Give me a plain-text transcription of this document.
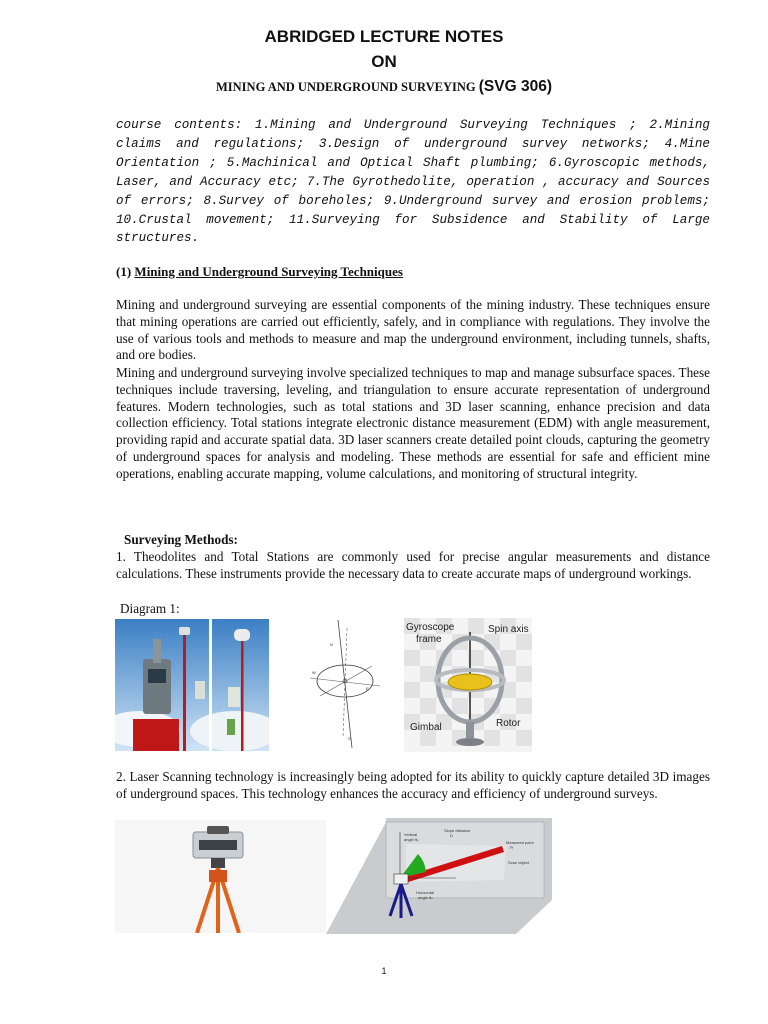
ABRIDGED LECTURE NOTES
ON
MINING AND UNDERGROUND SURVEYING (SVG 306)
course contents: 1.Mining and Underground Surveying Techniques ; 2.Mining claims and regulations; 3.Design of underground survey networks; 4.Mine Orientation ; 5.Machinical and Optical Shaft plumbing; 6.Gyroscopic methods, Laser, and Accuracy etc; 7.The Gyrothedolite, operation , accuracy and Sources of errors; 8.Survey of boreholes; 9.Underground survey and erosion problems; 10.Crustal movement; 11.Surveying for Subsidence and Stability of Large structures.
(1) Mining and Underground Surveying Techniques

Mining and underground surveying are essential components of the mining industry. These techniques ensure that mining operations are carried out efficiently, safely, and in compliance with regulations. They involve the use of various tools and methods to measure and map the underground environment, including tunnels, shafts, and ore bodies.

Mining and underground surveying involve specialized techniques to map and manage subsurface spaces. These techniques include traversing, leveling, and triangulation to ensure accurate representation of underground features. Modern technologies, such as total stations and 3D laser scanning, enhance precision and data collection efficiency. Total stations integrate electronic distance measurement (EDM) with angle measurement, providing rapid and accurate spatial data. 3D laser scanners create detailed point clouds, capturing the geometry of underground spaces for analysis and modeling. These methods are essential for safe and efficient mine operations, enabling accurate mapping, volume calculations, and monitoring of structural integrity.

Surveying Methods:

1. Theodolites and Total Stations are commonly used for precise angular measurements and distance calculations. These instruments provide the necessary data to create accurate maps of underground workings.

Diagram 1:
N
E
W
S
Gyroscope
frame
Spin axis
Gimbal	Rotor

2. Laser Scanning technology is increasingly being adopted for its ability to quickly capture detailed 3D images of underground spaces. This technology enhances the accuracy and efficiency of underground surveys.

Vertical
angle θᵥ
Slope distance
D
Measured point
Pᵢ
Scan object
Horizontal
angle θₕ
1
